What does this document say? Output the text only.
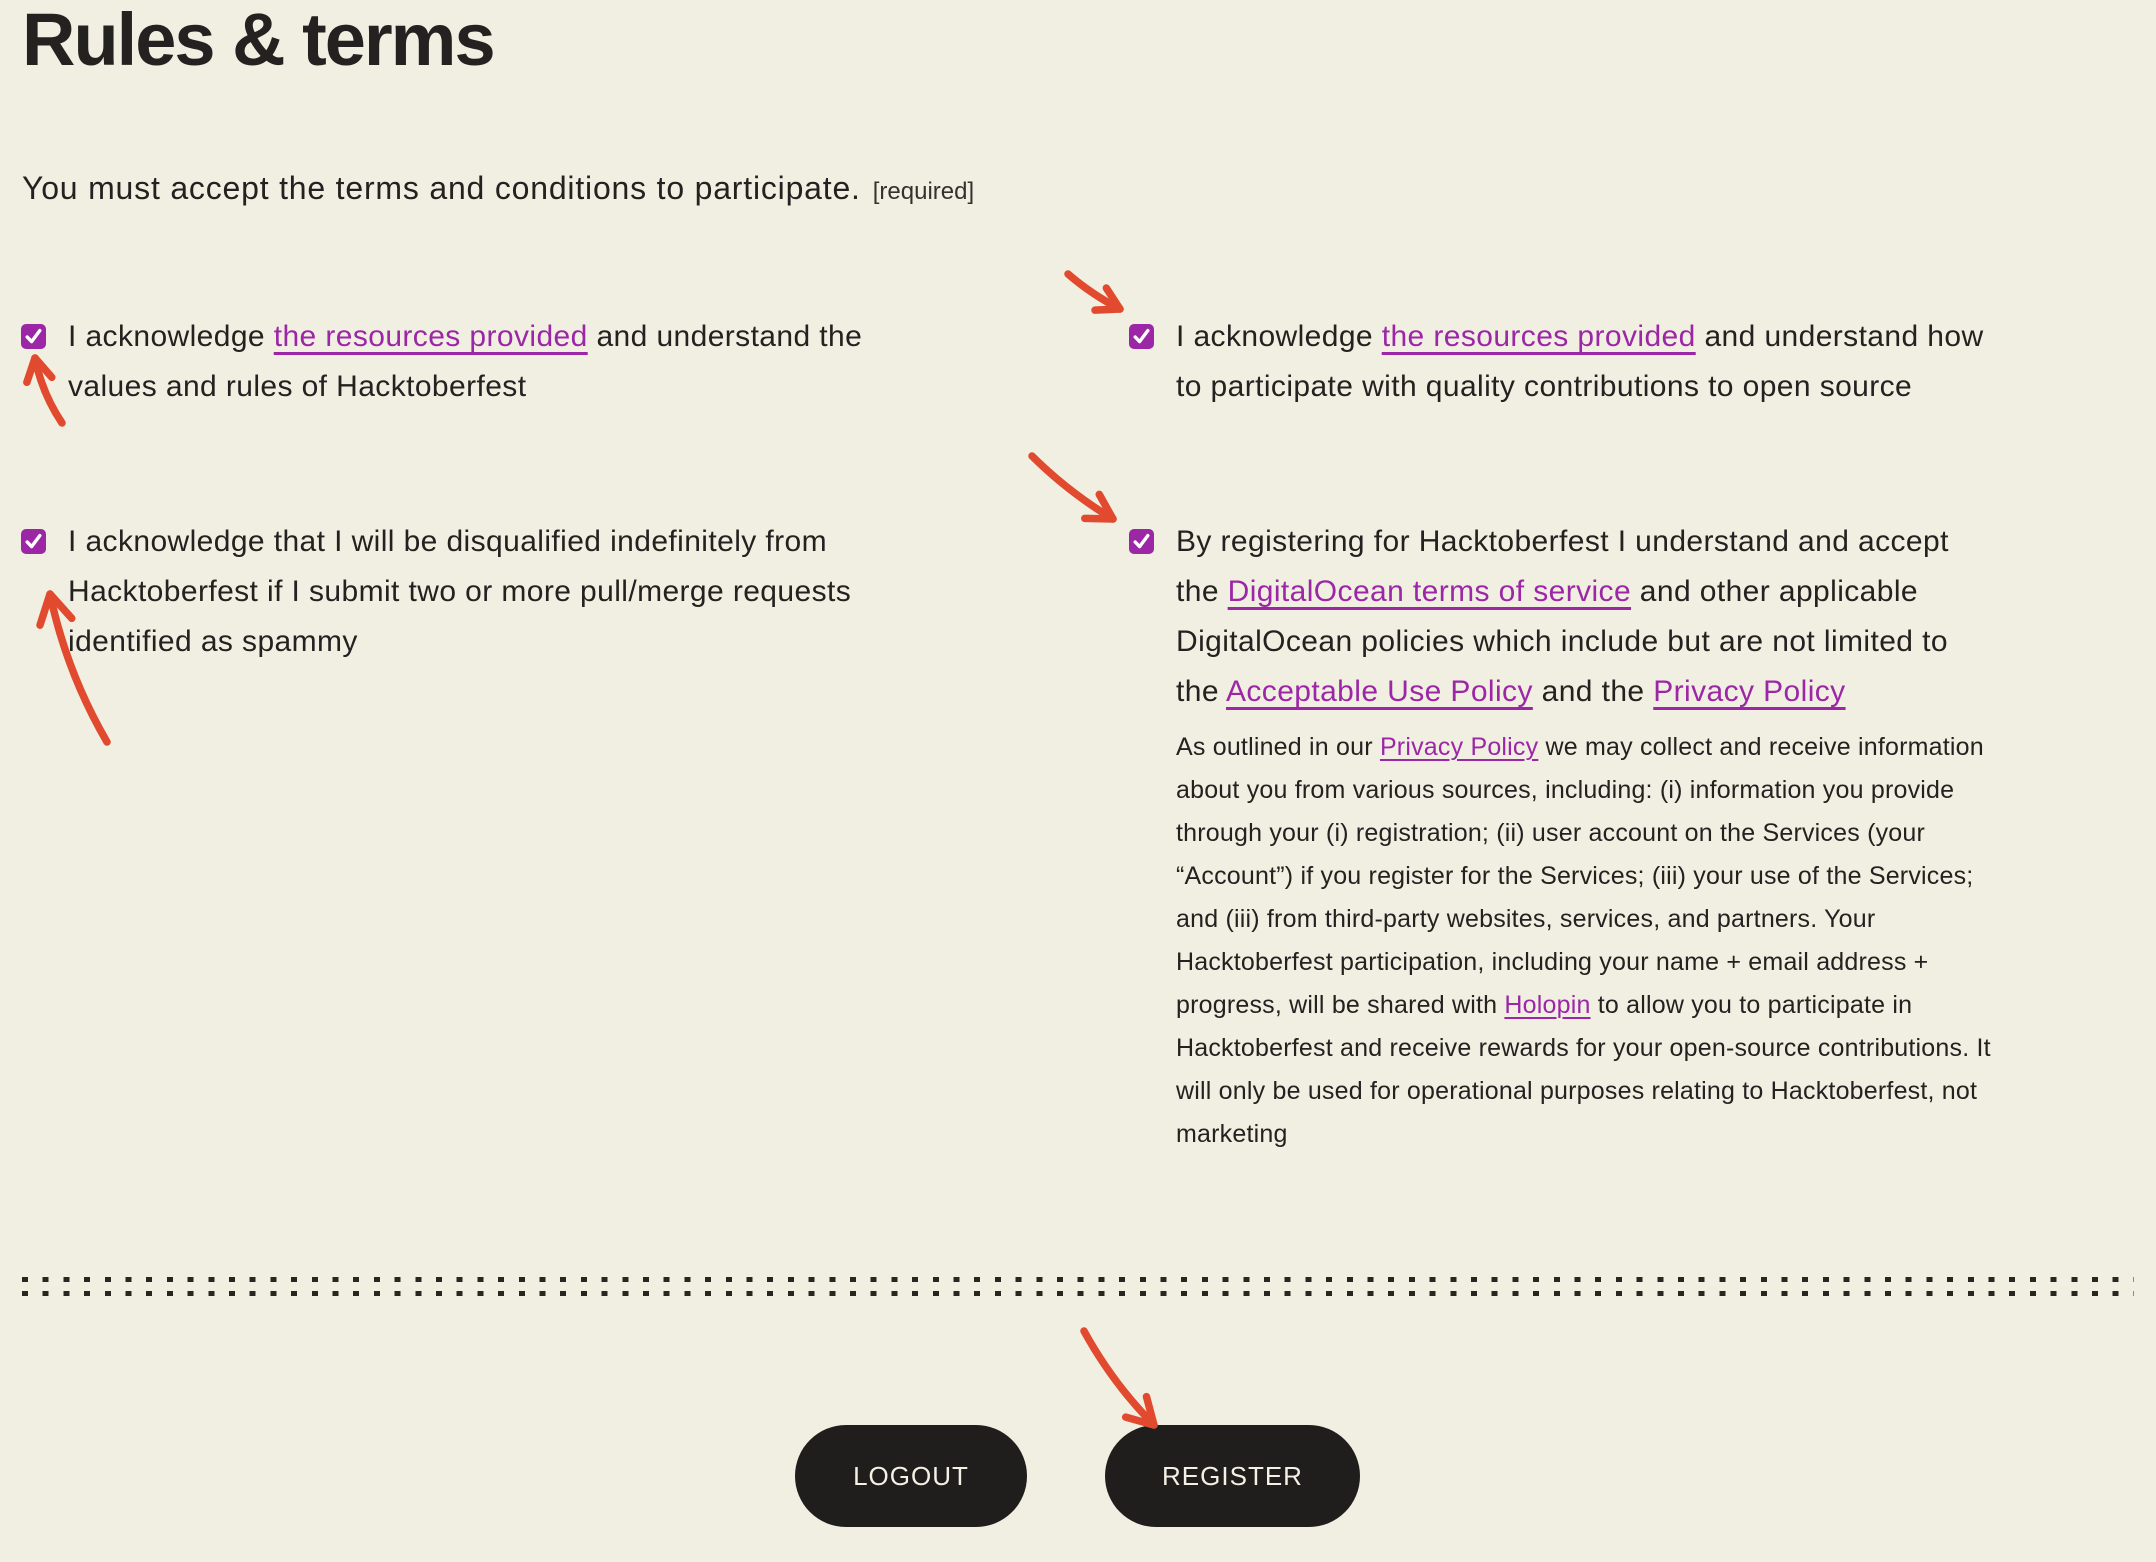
Rules & terms
You must accept the terms and conditions to participate. [required]
I acknowledge the resources provided and understand the
values and rules of Hacktoberfest
I acknowledge the resources provided and understand how
to participate with quality contributions to open source
I acknowledge that I will be disqualified indefinitely from
Hacktoberfest if I submit two or more pull/merge requests
identified as spammy
By registering for Hacktoberfest I understand and accept
the DigitalOcean terms of service and other applicable
DigitalOcean policies which include but are not limited to
the Acceptable Use Policy and the Privacy Policy
As outlined in our Privacy Policy we may collect and receive information
about you from various sources, including: (i) information you provide
through your (i) registration; (ii) user account on the Services (your
“Account”) if you register for the Services; (iii) your use of the Services;
and (iii) from third-party websites, services, and partners. Your
Hacktoberfest participation, including your name + email address +
progress, will be shared with Holopin to allow you to participate in
Hacktoberfest and receive rewards for your open-source contributions. It
will only be used for operational purposes relating to Hacktoberfest, not
marketing
LOGOUT	REGISTER
